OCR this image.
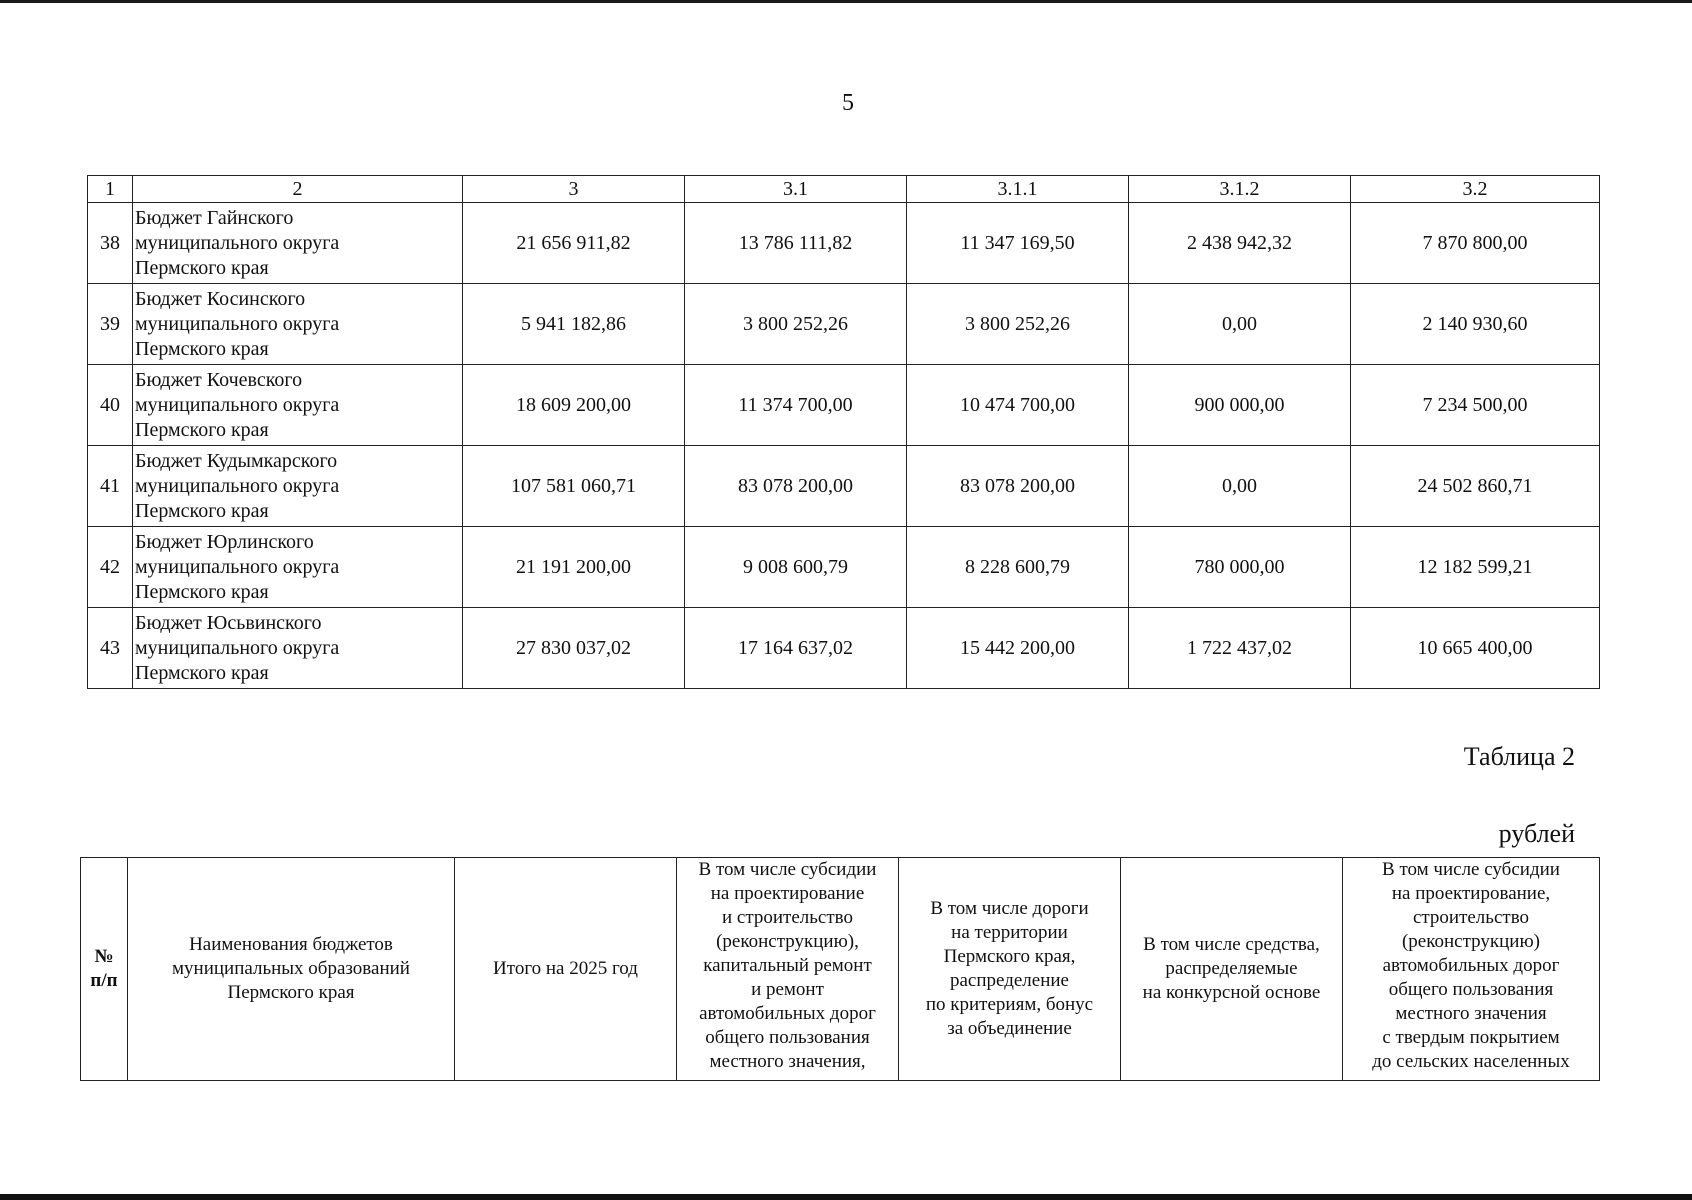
5
1	2	3	3.1	3.1.1	3.1.2	3.2
38	Бюджет Гайнского
муниципального округа
Пермского края	21 656 911,82	13 786 111,82	11 347 169,50	2 438 942,32	7 870 800,00
39	Бюджет Косинского
муниципального округа
Пермского края	5 941 182,86	3 800 252,26	3 800 252,26	0,00	2 140 930,60
40	Бюджет Кочевского
муниципального округа
Пермского края	18 609 200,00	11 374 700,00	10 474 700,00	900 000,00	7 234 500,00
41	Бюджет Кудымкарского
муниципального округа
Пермского края	107 581 060,71	83 078 200,00	83 078 200,00	0,00	24 502 860,71
42	Бюджет Юрлинского
муниципального округа
Пермского края	21 191 200,00	9 008 600,79	8 228 600,79	780 000,00	12 182 599,21
43	Бюджет Юсьвинского
муниципального округа
Пермского края	27 830 037,02	17 164 637,02	15 442 200,00	1 722 437,02	10 665 400,00
Таблица 2
рублей
№
п/п

Наименования бюджетов
муниципальных образований
Пермского края

Итого на 2025 год

В том числе субсидии
на проектирование
и строительство
(реконструкцию),
капитальный ремонт
и ремонт
автомобильных дорог
общего пользования
местного значения,

В том числе дороги
на территории
Пермского края,
распределение
по критериям, бонус
за объединение

В том числе средства,
распределяемые
на конкурсной основе

В том числе субсидии
на проектирование,
строительство
(реконструкцию)
автомобильных дорог
общего пользования
местного значения
с твердым покрытием
до сельских населенных
